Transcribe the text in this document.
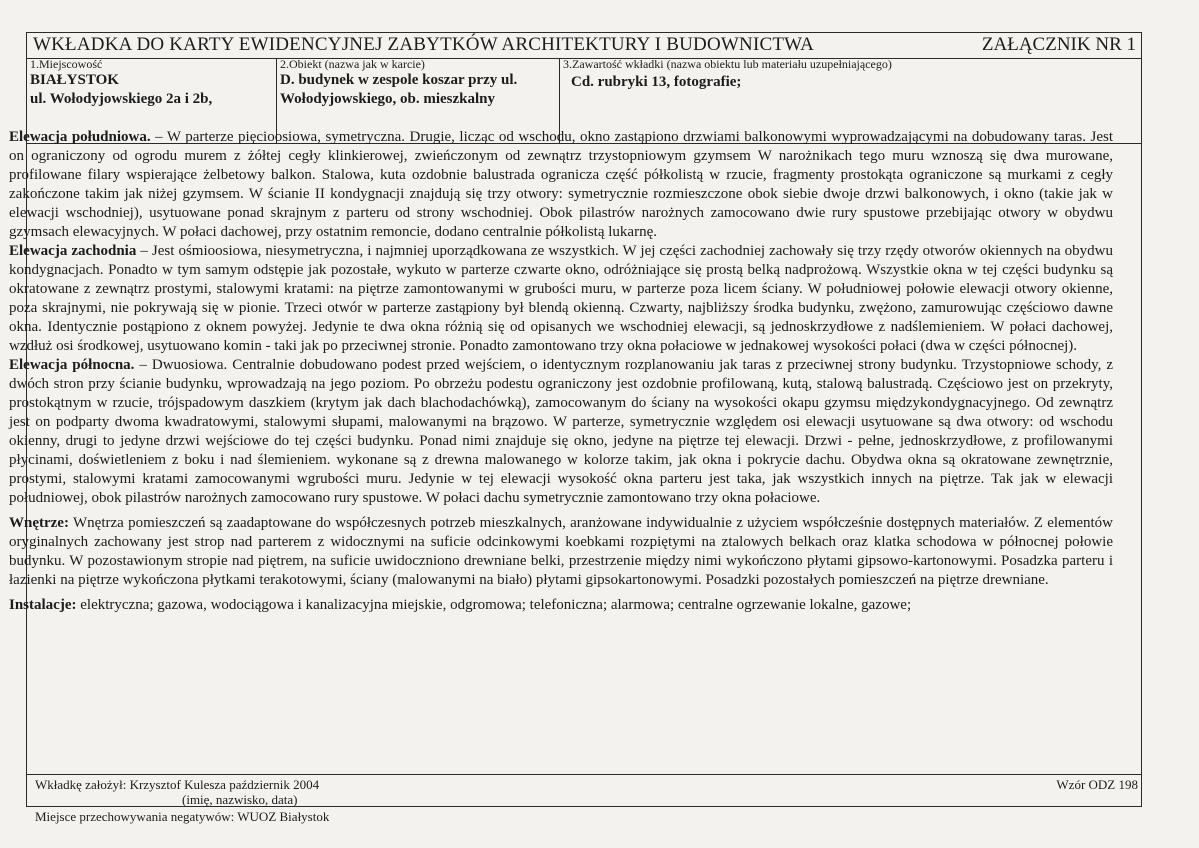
WKŁADKA DO KARTY EWIDENCYJNEJ ZABYTKÓW ARCHITEKTURY I BUDOWNICTWA	ZAŁĄCZNIK NR 1
1.Miejscowość
BIAŁYSTOK
ul. Wołodyjowskiego 2a i 2b,
2.Obiekt (nazwa jak w karcie)
D. budynek w zespole koszar przy ul.
Wołodyjowskiego, ob. mieszkalny
3.Zawartość wkładki (nazwa obiektu lub materiału uzupełniającego)
Cd. rubryki 13, fotografie;
Wkładkę założył: Krzysztof Kulesza październik 2004
(imię, nazwisko, data)
Wzór ODZ 198

Elewacja południowa. – W parterze pięcioosiowa, symetryczna. Drugie, licząc od wschodu, okno zastąpiono drzwiami balkonowymi wyprowadzającymi na dobudowany taras. Jest on ograniczony od ogrodu murem z żółtej cegły klinkierowej, zwieńczonym od zewnątrz trzystopniowym gzymsem W narożnikach tego muru wznoszą się dwa murowane, profilowane filary wspierające żelbetowy balkon. Stalowa, kuta ozdobnie balustrada ogranicza część półkolistą w rzucie, fragmenty prostokąta ograniczone są murkami z cegły zakończone takim jak niżej gzymsem. W ścianie II kondygnacji znajdują się trzy otwory: symetrycznie rozmieszczone obok siebie dwoje drzwi balkonowych, i okno (takie jak w elewacji wschodniej), usytuowane ponad skrajnym z parteru od strony wschodniej. Obok pilastrów narożnych zamocowano dwie rury spustowe przebijając otwory w obydwu gzymsach elewacyjnych. W połaci dachowej, przy ostatnim remoncie, dodano centralnie półkolistą lukarnę.

Elewacja zachodnia – Jest ośmioosiowa, niesymetryczna, i najmniej uporządkowana ze wszystkich. W jej części zachodniej zachowały się trzy rzędy otworów okiennych na obydwu kondygnacjach. Ponadto w tym samym odstępie jak pozostałe, wykuto w parterze czwarte okno, odróżniające się prostą belką nadprożową. Wszystkie okna w tej części budynku są okratowane z zewnątrz prostymi, stalowymi kratami: na piętrze zamontowanymi w grubości muru, w parterze poza licem ściany. W południowej połowie elewacji otwory okienne, poza skrajnymi, nie pokrywają się w pionie. Trzeci otwór w parterze zastąpiony był blendą okienną. Czwarty, najbliższy środka budynku, zwężono, zamurowując częściowo dawne okna. Identycznie postąpiono z oknem powyżej. Jedynie te dwa okna różnią się od opisanych we wschodniej elewacji, są jednoskrzydłowe z nadślemieniem. W połaci dachowej, wzdłuż osi środkowej, usytuowano komin - taki jak po przeciwnej stronie. Ponadto zamontowano trzy okna połaciowe w jednakowej wysokości połaci (dwa w części północnej).

Elewacja północna. – Dwuosiowa. Centralnie dobudowano podest przed wejściem, o identycznym rozplanowaniu jak taras z przeciwnej strony budynku. Trzystopniowe schody, z dwóch stron przy ścianie budynku, wprowadzają na jego poziom. Po obrzeżu podestu ograniczony jest ozdobnie profilowaną, kutą, stalową balustradą. Częściowo jest on przekryty, prostokątnym w rzucie, trójspadowym daszkiem (krytym jak dach blachodachówką), zamocowanym do ściany na wysokości okapu gzymsu międzykondygnacyjnego. Od zewnątrz jest on podparty dwoma kwadratowymi, stalowymi słupami, malowanymi na brązowo. W parterze, symetrycznie względem osi elewacji usytuowane są dwa otwory: od wschodu okienny, drugi to jedyne drzwi wejściowe do tej części budynku. Ponad nimi znajduje się okno, jedyne na piętrze tej elewacji. Drzwi - pełne, jednoskrzydłowe, z profilowanymi płycinami, doświetleniem z boku i nad ślemieniem. wykonane są z drewna malowanego w kolorze takim, jak okna i pokrycie dachu. Obydwa okna są okratowane zewnętrznie, prostymi, stalowymi kratami zamocowanymi wgrubości muru. Jedynie w tej elewacji wysokość okna parteru jest taka, jak wszystkich innych na piętrze. Tak jak w elewacji południowej, obok pilastrów narożnych zamocowano rury spustowe. W połaci dachu symetrycznie zamontowano trzy okna połaciowe.

Wnętrze: Wnętrza pomieszczeń są zaadaptowane do współczesnych potrzeb mieszkalnych, aranżowane indywidualnie z użyciem współcześnie dostępnych materiałów. Z elementów oryginalnych zachowany jest strop nad parterem z widocznymi na suficie odcinkowymi koebkami rozpiętymi na ztalowych belkach oraz klatka schodowa w północnej połowie budynku. W pozostawionym stropie nad piętrem, na suficie uwidoczniono drewniane belki, przestrzenie między nimi wykończono płytami gipsowo-kartonowymi. Posadzka parteru i łazienki na piętrze wykończona płytkami terakotowymi, ściany (malowanymi na biało) płytami gipsokartonowymi. Posadzki pozostałych pomieszczeń na piętrze drewniane.

Instalacje: elektryczna; gazowa, wodociągowa i kanalizacyjna miejskie, odgromowa; telefoniczna; alarmowa; centralne ogrzewanie lokalne, gazowe;

Miejsce przechowywania negatywów: WUOZ Białystok
